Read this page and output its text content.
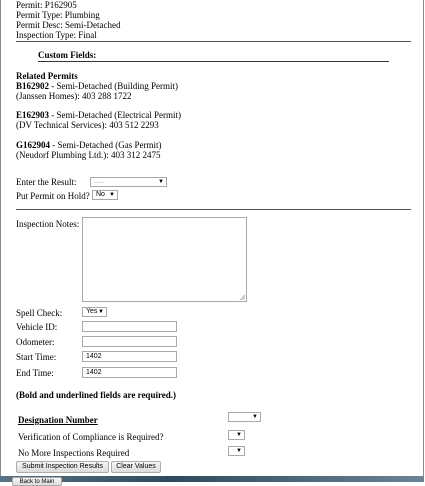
Permit: P162905
Permit Type: Plumbing
Permit Desc: Semi-Detached
Inspection Type: Final
Custom Fields:
Related Permits
B162902 - Semi-Detached (Building Permit)
(Janssen Homes): 403 288 1722
E162903 - Semi-Detached (Electrical Permit)
(DV Technical Services): 403 512 2293
G162904 - Semi-Detached (Gas Permit)
(Neudorf Plumbing Ltd.): 403 312 2475
Enter the Result:	.....	▼
Put Permit on Hold? No ▼
Inspection Notes:
Spell Check:	Yes ▼
Vehicle ID:
Odometer:
Start Time:	1402
End Time:	1402
(Bold and underlined fields are required.)
Designation Number	▼
Verification of Compliance is Required?	▼
No More Inspections Required	▼
Submit Inspection Results	Clear Values
Back to Main
